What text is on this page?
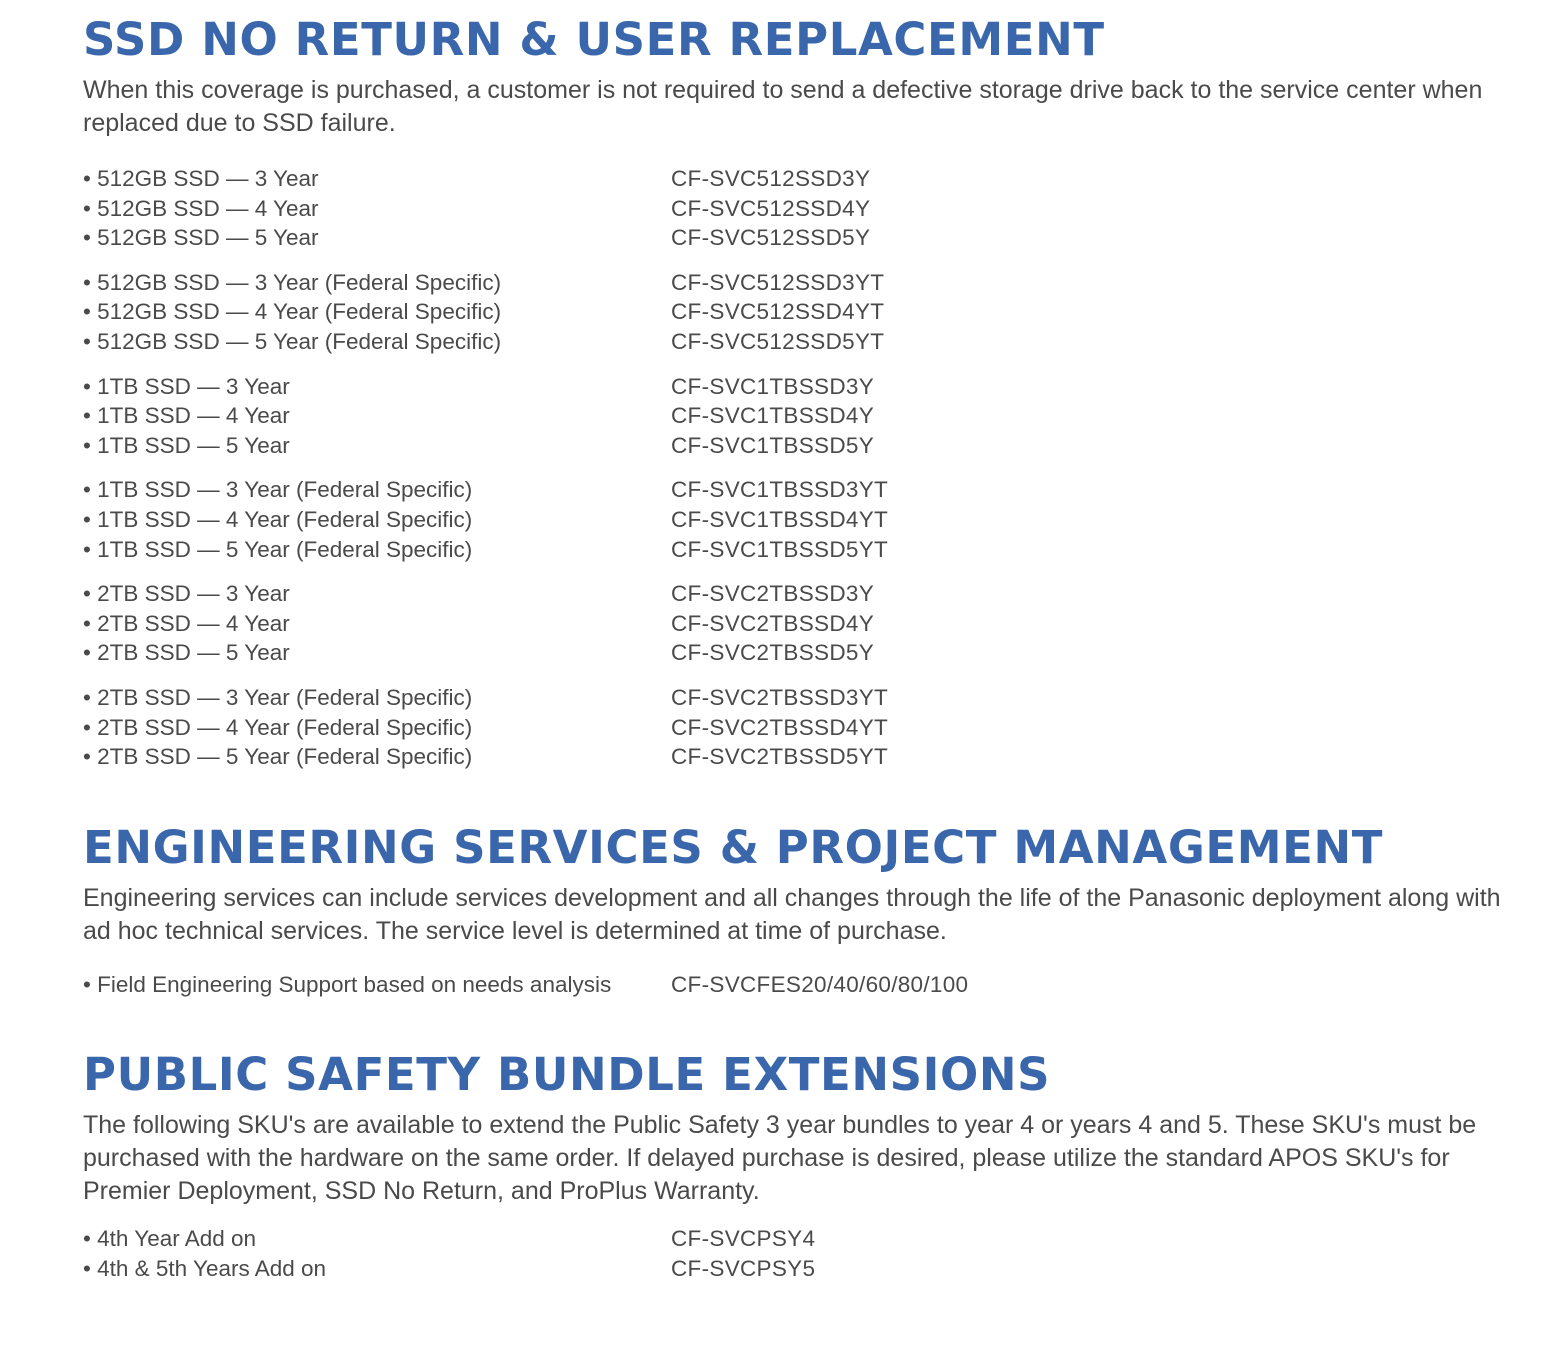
SSD NO RETURN & USER REPLACEMENT

When this coverage is purchased, a customer is not required to send a defective storage drive back to the service center when replaced due to SSD failure.

• 512GB SSD — 3 Year	CF-SVC512SSD3Y
• 512GB SSD — 4 Year	CF-SVC512SSD4Y
• 512GB SSD — 5 Year	CF-SVC512SSD5Y
• 512GB SSD — 3 Year (Federal Specific)	CF-SVC512SSD3YT
• 512GB SSD — 4 Year (Federal Specific)	CF-SVC512SSD4YT
• 512GB SSD — 5 Year (Federal Specific)	CF-SVC512SSD5YT
• 1TB SSD — 3 Year	CF-SVC1TBSSD3Y
• 1TB SSD — 4 Year	CF-SVC1TBSSD4Y
• 1TB SSD — 5 Year	CF-SVC1TBSSD5Y
• 1TB SSD — 3 Year (Federal Specific)	CF-SVC1TBSSD3YT
• 1TB SSD — 4 Year (Federal Specific)	CF-SVC1TBSSD4YT
• 1TB SSD — 5 Year (Federal Specific)	CF-SVC1TBSSD5YT
• 2TB SSD — 3 Year	CF-SVC2TBSSD3Y
• 2TB SSD — 4 Year	CF-SVC2TBSSD4Y
• 2TB SSD — 5 Year	CF-SVC2TBSSD5Y
• 2TB SSD — 3 Year (Federal Specific)	CF-SVC2TBSSD3YT
• 2TB SSD — 4 Year (Federal Specific)	CF-SVC2TBSSD4YT
• 2TB SSD — 5 Year (Federal Specific)	CF-SVC2TBSSD5YT
ENGINEERING SERVICES & PROJECT MANAGEMENT

Engineering services can include services development and all changes through the life of the Panasonic deployment along with ad hoc technical services. The service level is determined at time of purchase.

• Field Engineering Support based on needs analysis	CF-SVCFES20/40/60/80/100
PUBLIC SAFETY BUNDLE EXTENSIONS

The following SKU's are available to extend the Public Safety 3 year bundles to year 4 or years 4 and 5. These SKU's must be purchased with the hardware on the same order. If delayed purchase is desired, please utilize the standard APOS SKU's for Premier Deployment, SSD No Return, and ProPlus Warranty.

• 4th Year Add on	CF-SVCPSY4
• 4th & 5th Years Add on	CF-SVCPSY5
